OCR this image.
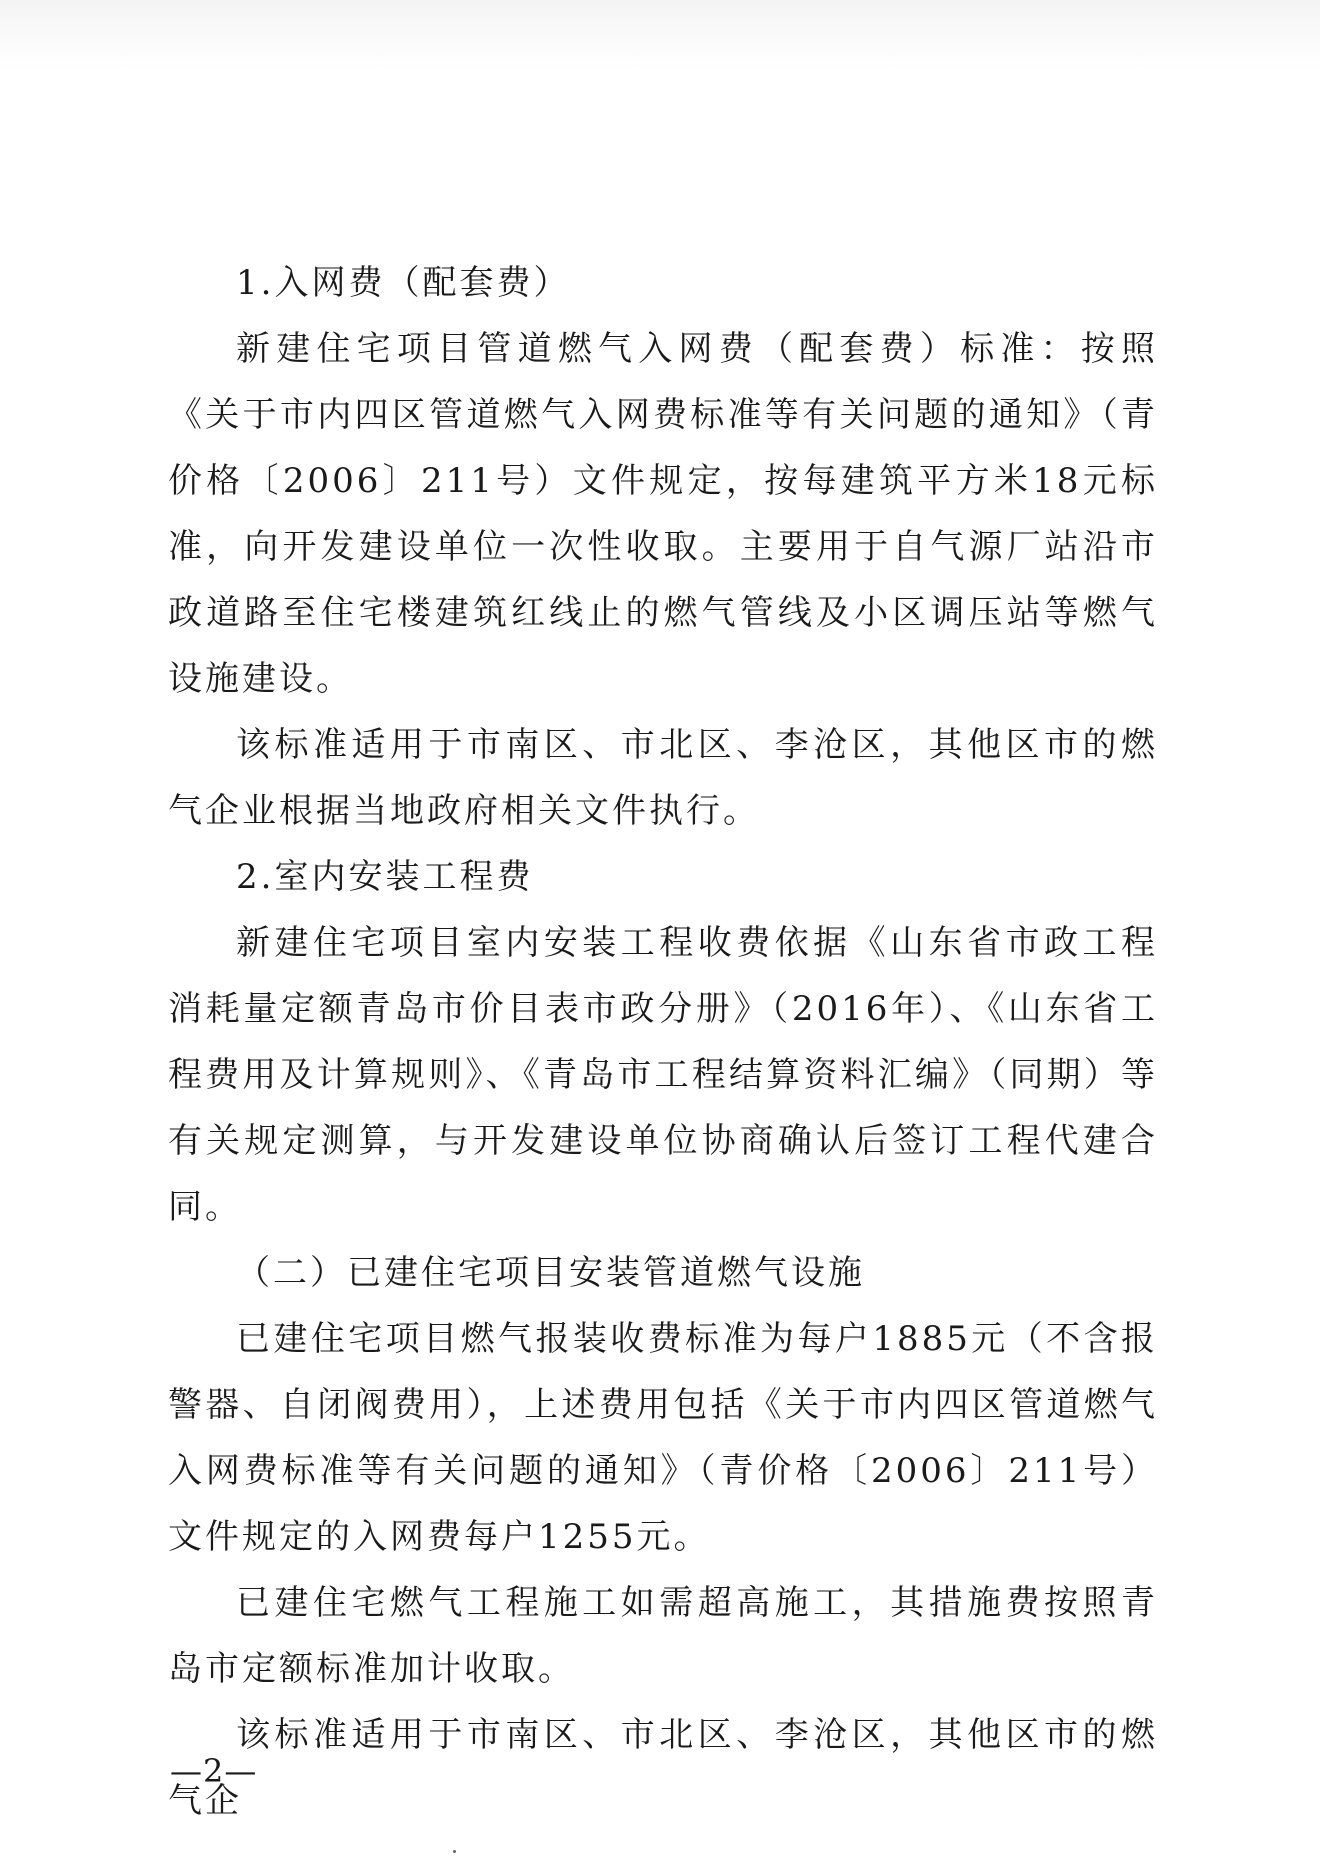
1.入网费（配套费）

新建住宅项目管道燃气入网费（配套费）标准：按照《关于市内四区管道燃气入网费标准等有关问题的通知》（青价格〔2006〕211号）文件规定，按每建筑平方米18元标准，向开发建设单位一次性收取。主要用于自气源厂站沿市政道路至住宅楼建筑红线止的燃气管线及小区调压站等燃气设施建设。

该标准适用于市南区、市北区、李沧区，其他区市的燃气企业根据当地政府相关文件执行。

2.室内安装工程费

新建住宅项目室内安装工程收费依据《山东省市政工程消耗量定额青岛市价目表市政分册》（2016年）、《山东省工程费用及计算规则》、《青岛市工程结算资料汇编》（同期）等有关规定测算，与开发建设单位协商确认后签订工程代建合同。

（二）已建住宅项目安装管道燃气设施

已建住宅项目燃气报装收费标准为每户1885元（不含报警器、自闭阀费用），上述费用包括《关于市内四区管道燃气入网费标准等有关问题的通知》（青价格〔2006〕211号）文件规定的入网费每户1255元。

已建住宅燃气工程施工如需超高施工，其措施费按照青岛市定额标准加计收取。

该标准适用于市南区、市北区、李沧区，其他区市的燃气企

—2—
